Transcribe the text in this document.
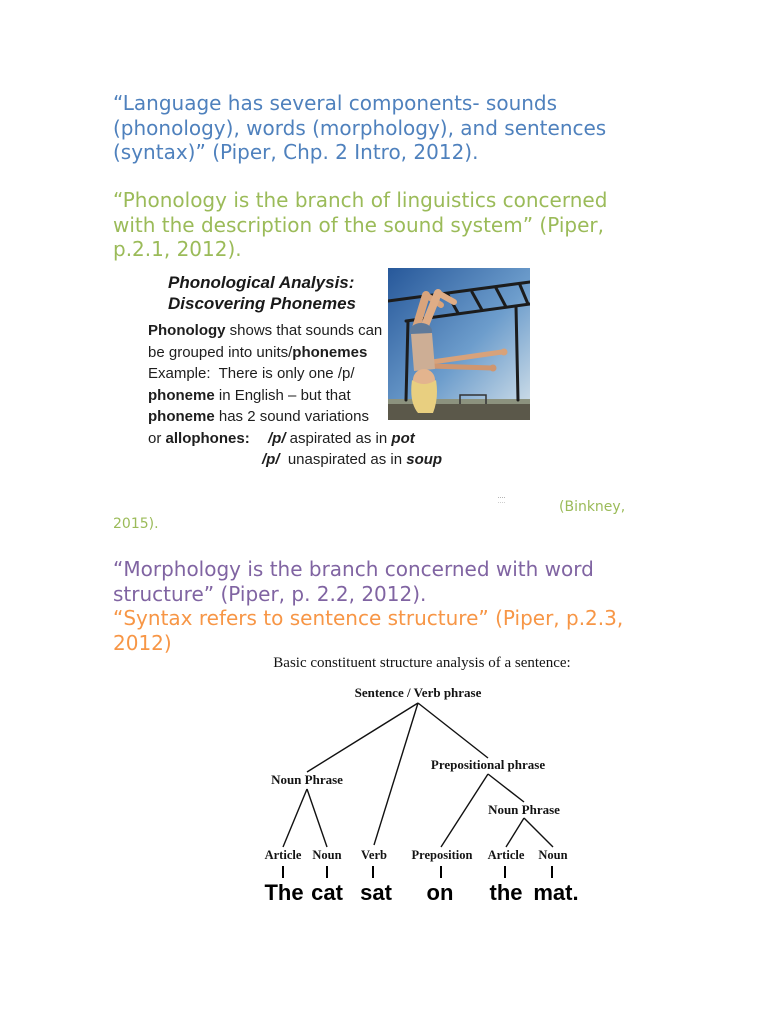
“Language has several components- sounds
(phonology), words (morphology), and sentences
(syntax)” (Piper, Chp. 2 Intro, 2012).
“Phonology is the branch of linguistics concerned
with the description of the sound system” (Piper,
p.2.1, 2012).
Phonological Analysis:
Discovering Phonemes
Phonology shows that sounds can
be grouped into units/phonemes
Example:  There is only one /p/
phoneme in English – but that
phoneme has 2 sound variations
or allophones: /p/ aspirated as in pot
/p/  unaspirated as in soup
(Binkney,
2015).
“Morphology is the branch concerned with word
structure” (Piper, p. 2.2, 2012).
“Syntax refers to sentence structure” (Piper, p.2.3,
2012)
Basic constituent structure analysis of a sentence:
Sentence / Verb phrase
Noun Phrase
Prepositional phrase
Noun Phrase
Article Noun Verb Preposition Article Noun
The cat sat on the mat.
